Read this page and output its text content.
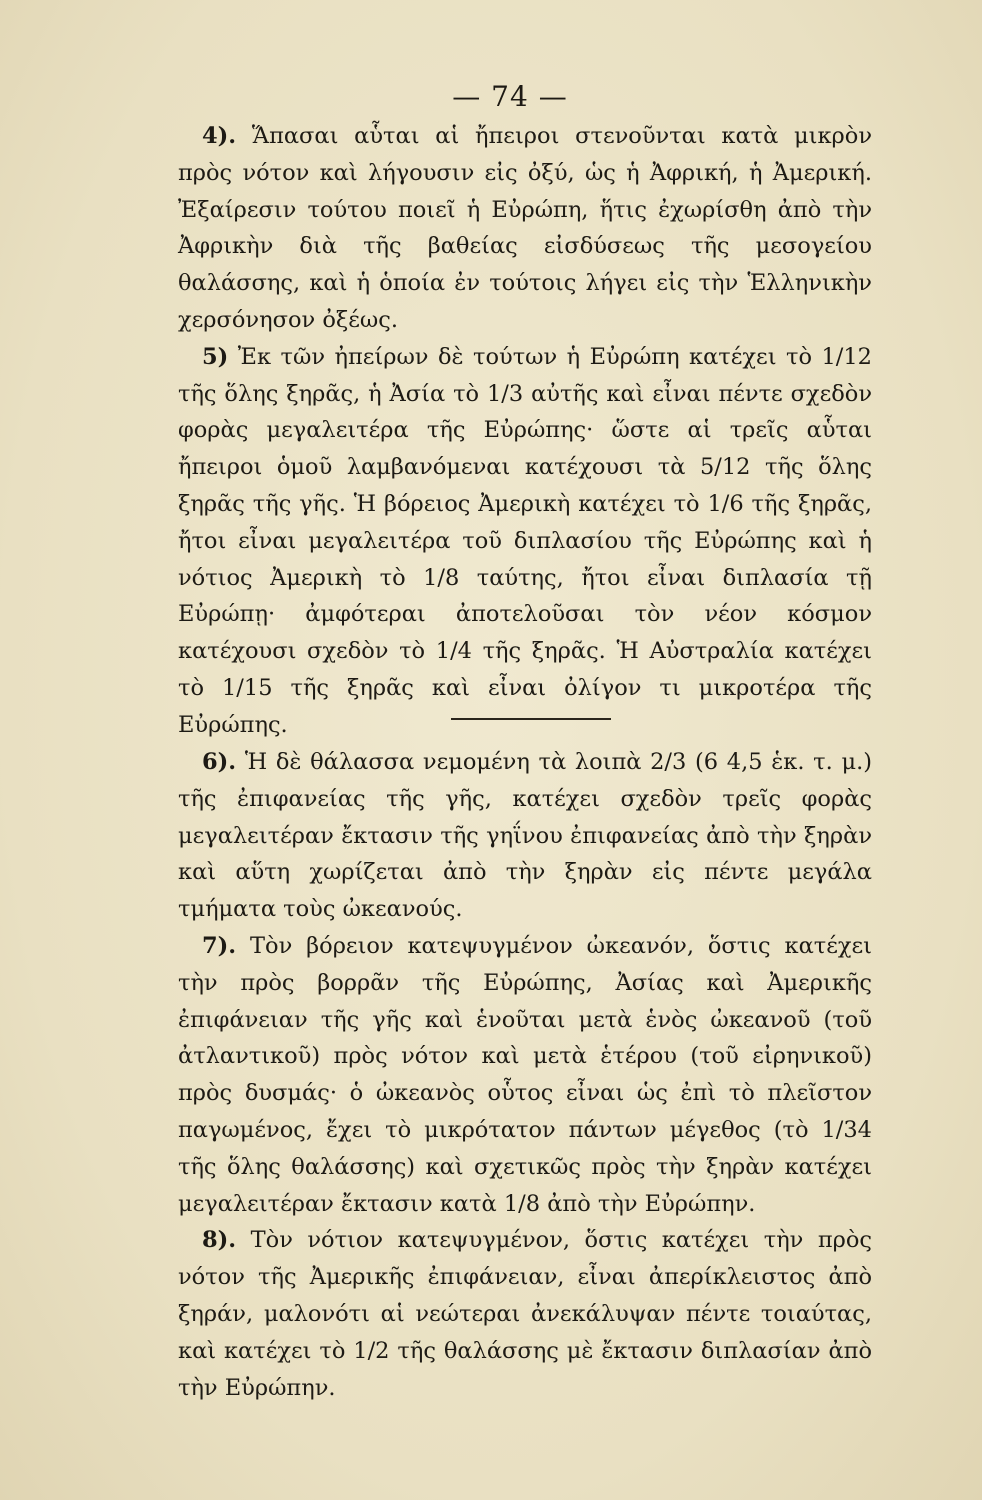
— 74 —

4). Ἅπασαι αὗται αἱ ἤπειροι στενοῦνται κατὰ μικρὸν πρὸς νότον καὶ λήγουσιν εἰς ὀξύ, ὡς ἡ Ἀφρική, ἡ Ἀμερική. Ἐξαίρεσιν τούτου ποιεῖ ἡ Εὐρώπη, ἥτις ἐχωρίσθη ἀπὸ τὴν Ἀφρικὴν διὰ τῆς βαθείας εἰσδύσεως τῆς μεσογείου θαλάσσης, καὶ ἡ ὁποία ἐν τούτοις λήγει εἰς τὴν Ἑλληνικὴν χερσόνησον ὀξέως.

5) Ἐκ τῶν ἠπείρων δὲ τούτων ἡ Εὐρώπη κατέχει τὸ 1/12 τῆς ὅλης ξηρᾶς, ἡ Ἀσία τὸ 1/3 αὐτῆς καὶ εἶναι πέντε σχεδὸν φορὰς μεγαλειτέρα τῆς Εὐρώπης· ὥστε αἱ τρεῖς αὗται ἤπειροι ὁμοῦ λαμβανόμεναι κατέχουσι τὰ 5/12 τῆς ὅλης ξηρᾶς τῆς γῆς. Ἡ βόρειος Ἀμερικὴ κατέχει τὸ 1/6 τῆς ξηρᾶς, ἤτοι εἶναι μεγαλειτέρα τοῦ διπλασίου τῆς Εὐρώπης καὶ ἡ νότιος Ἀμερικὴ τὸ 1/8 ταύτης, ἤτοι εἶναι διπλασία τῇ Εὐρώπῃ· ἀμφότεραι ἀποτελοῦσαι τὸν νέον κόσμον κατέχουσι σχεδὸν τὸ 1/4 τῆς ξηρᾶς. Ἡ Αὐστραλία κατέχει τὸ 1/15 τῆς ξηρᾶς καὶ εἶναι ὀλίγον τι μικροτέρα τῆς Εὐρώπης.

6). Ἡ δὲ θάλασσα νεμομένη τὰ λοιπὰ 2/3 (6 4,5 ἑκ. τ. μ.) τῆς ἐπιφανείας τῆς γῆς, κατέχει σχεδὸν τρεῖς φορὰς μεγαλειτέραν ἔκτασιν τῆς γηΐνου ἐπιφανείας ἀπὸ τὴν ξηρὰν καὶ αὕτη χωρίζεται ἀπὸ τὴν ξηρὰν εἰς πέντε μεγάλα τμήματα τοὺς ὠκεανούς.

7). Τὸν βόρειον κατεψυγμένον ὠκεανόν, ὅστις κατέχει τὴν πρὸς βορρᾶν τῆς Εὐρώπης, Ἀσίας καὶ Ἀμερικῆς ἐπιφάνειαν τῆς γῆς καὶ ἑνοῦται μετὰ ἑνὸς ὠκεανοῦ (τοῦ ἀτλαντικοῦ) πρὸς νότον καὶ μετὰ ἑτέρου (τοῦ εἰρηνικοῦ) πρὸς δυσμάς· ὁ ὠκεανὸς οὗτος εἶναι ὡς ἐπὶ τὸ πλεῖστον παγωμένος, ἔχει τὸ μικρότατον πάντων μέγεθος (τὸ 1/34 τῆς ὅλης θαλάσσης) καὶ σχετικῶς πρὸς τὴν ξηρὰν κατέχει μεγαλειτέραν ἔκτασιν κατὰ 1/8 ἀπὸ τὴν Εὐρώπην.

8). Τὸν νότιον κατεψυγμένον, ὅστις κατέχει τὴν πρὸς νότον τῆς Ἀμερικῆς ἐπιφάνειαν, εἶναι ἀπερίκλειστος ἀπὸ ξηράν, μαλονότι αἱ νεώτεραι ἀνεκάλυψαν πέντε τοιαύτας, καὶ κατέχει τὸ 1/2 τῆς θαλάσσης μὲ ἔκτασιν διπλασίαν ἀπὸ τὴν Εὐρώπην.
